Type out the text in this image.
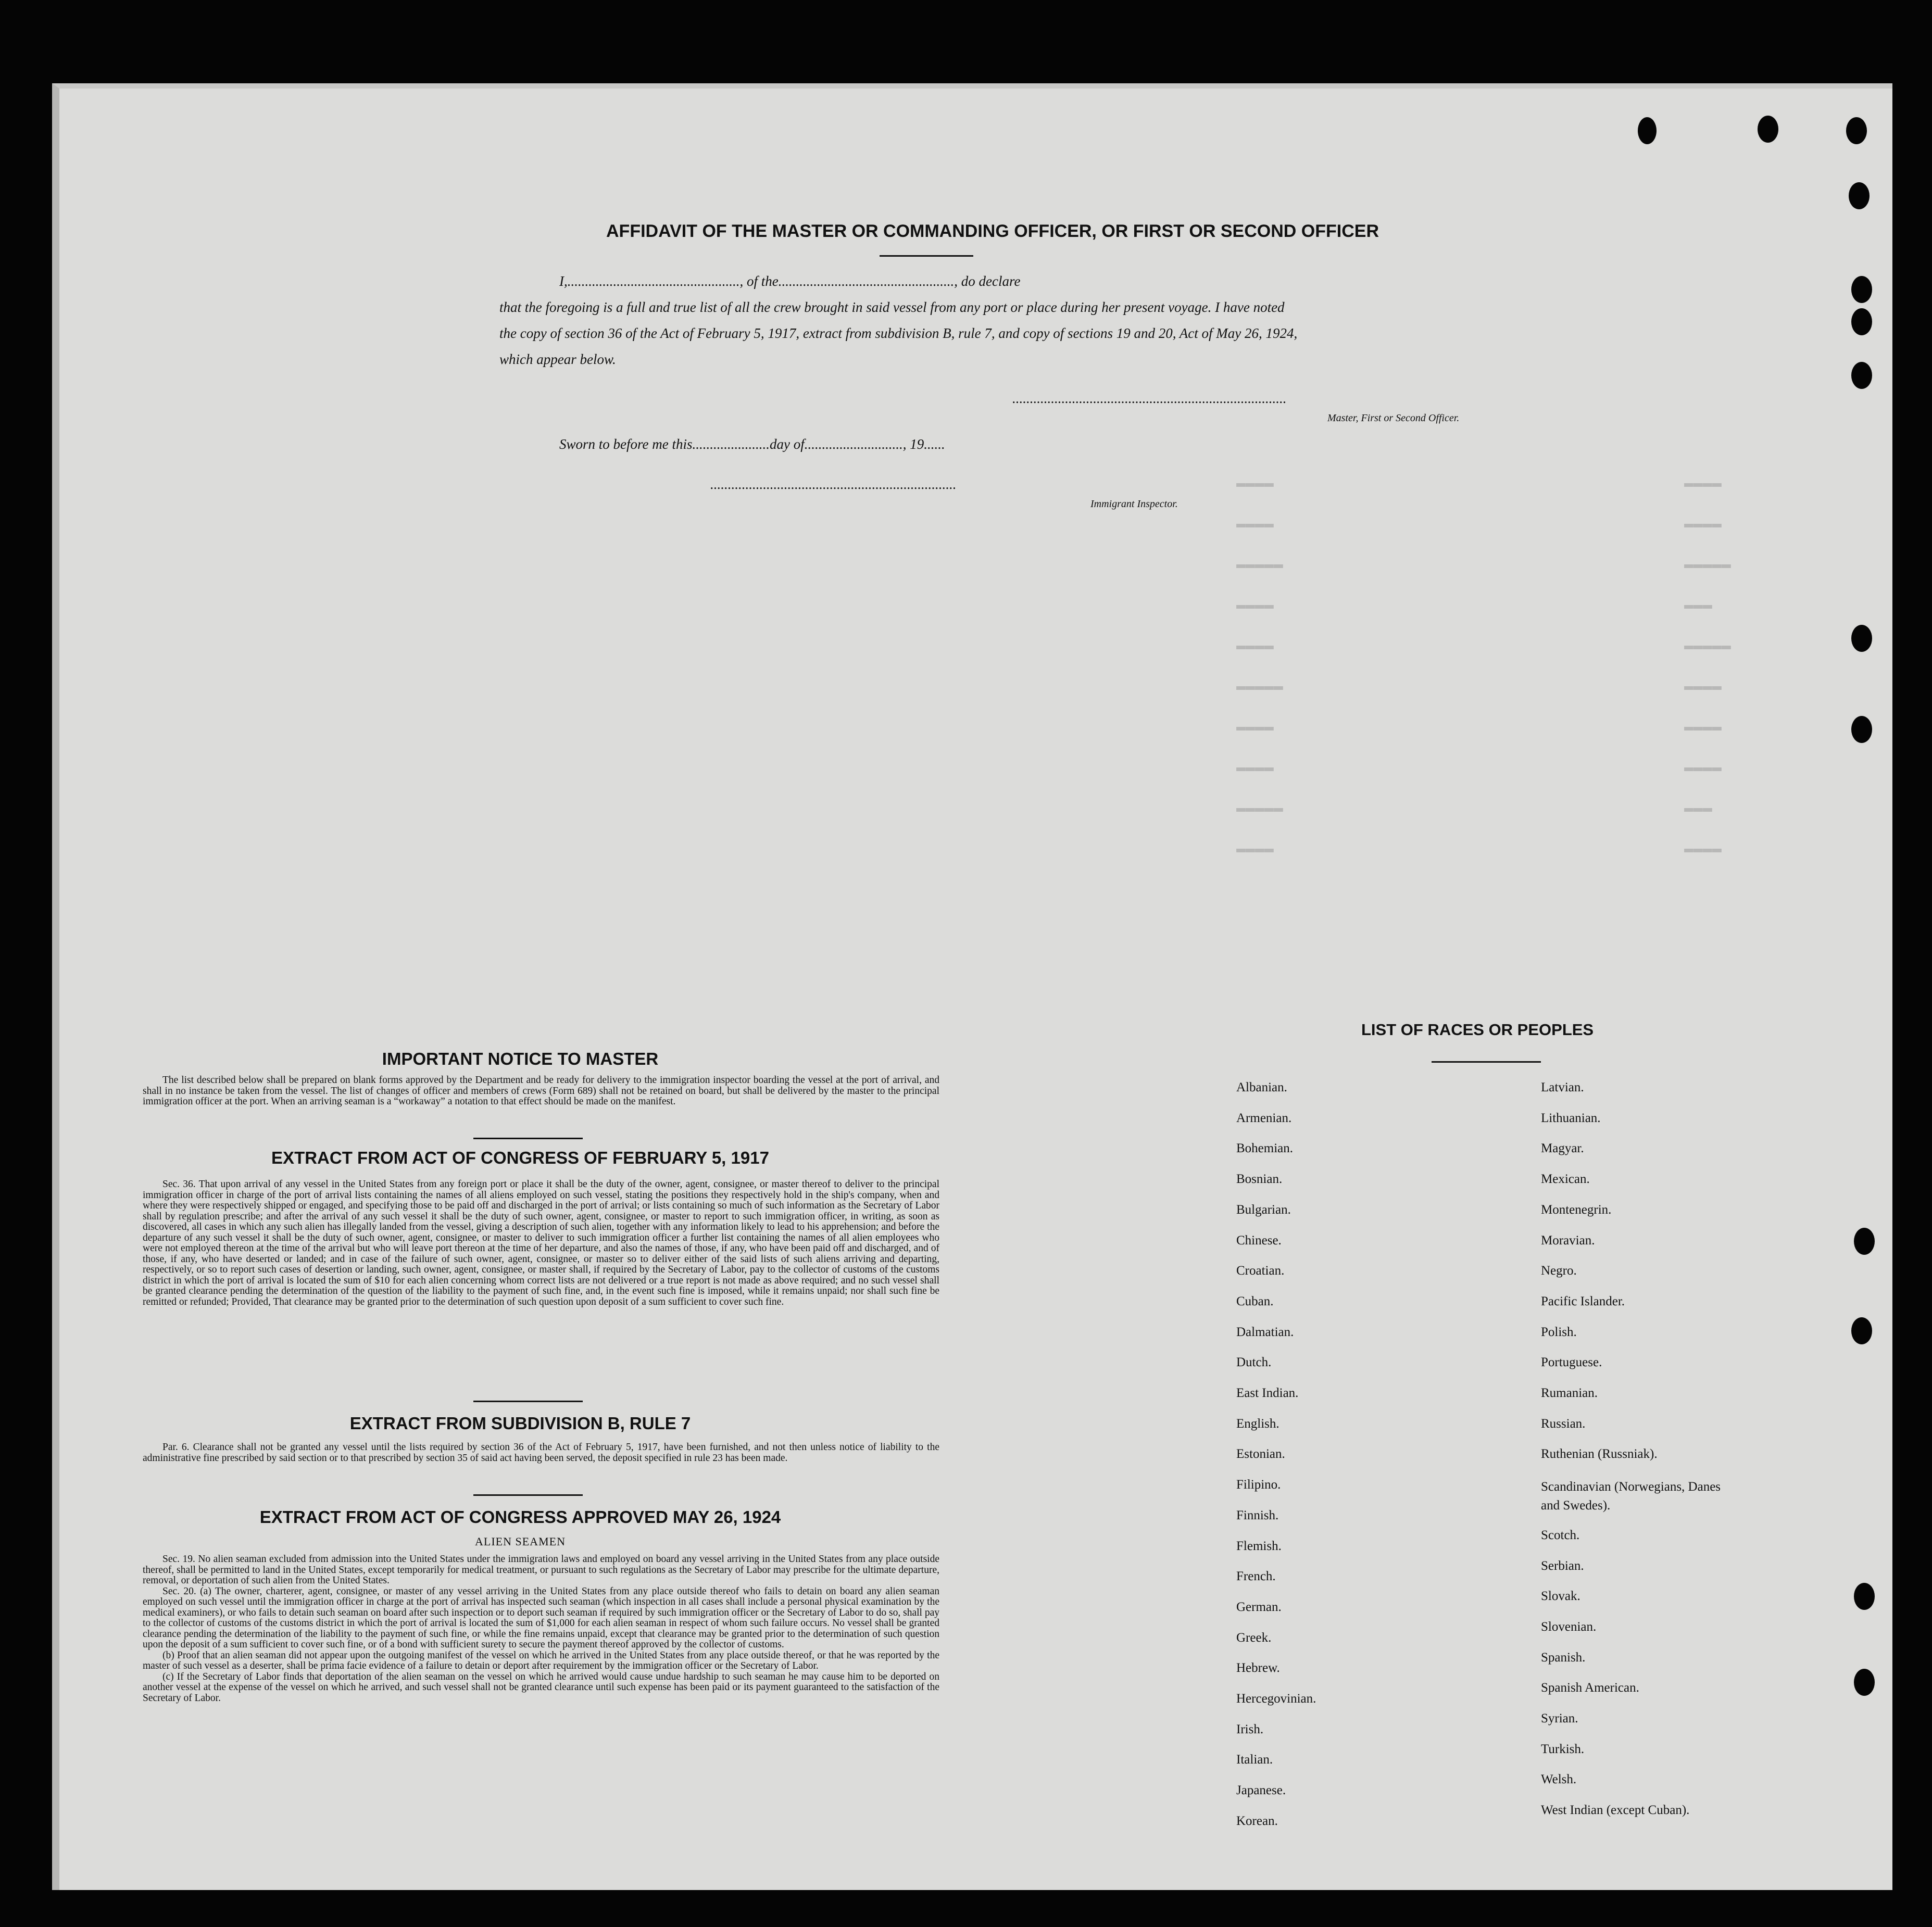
▬▬▬▬
▬▬▬▬
▬▬▬▬▬
▬▬▬▬
▬▬▬▬
▬▬▬▬▬
▬▬▬▬
▬▬▬▬
▬▬▬▬▬
▬▬▬▬
▬▬▬▬
▬▬▬▬
▬▬▬▬▬
▬▬▬
▬▬▬▬▬
▬▬▬▬
▬▬▬▬
▬▬▬▬
▬▬▬
▬▬▬▬
AFFIDAVIT OF THE MASTER OR COMMANDING OFFICER, OR FIRST OR SECOND OFFICER
I,................................................., of the.................................................., do declare
that the foregoing is a full and true list of all the crew brought in said vessel from any port or place during her present voyage. I have noted
the copy of section 36 of the Act of February 5, 1917, extract from subdivision B, rule 7, and copy of sections 19 and 20, Act of May 26, 1924,
which appear below.
..............................................................................
Master, First or Second Officer.
Sworn to before me this......................day of............................, 19......
......................................................................
Immigrant Inspector.
IMPORTANT NOTICE TO MASTER

The list described below shall be prepared on blank forms approved by the Department and be ready for delivery to the immigration inspector boarding the vessel at the port of arrival, and shall in no instance be taken from the vessel. The list of changes of officer and members of crews (Form 689) shall not be retained on board, but shall be delivered by the master to the principal immigration officer at the port. When an arriving seaman is a “workaway” a notation to that effect should be made on the manifest.

EXTRACT FROM ACT OF CONGRESS OF FEBRUARY 5, 1917

Sec. 36. That upon arrival of any vessel in the United States from any foreign port or place it shall be the duty of the owner, agent, consignee, or master thereof to deliver to the principal immigration officer in charge of the port of arrival lists containing the names of all aliens employed on such vessel, stating the positions they respectively hold in the ship's company, when and where they were respectively shipped or engaged, and specifying those to be paid off and discharged in the port of arrival; or lists containing so much of such information as the Secretary of Labor shall by regulation prescribe; and after the arrival of any such vessel it shall be the duty of such owner, agent, consignee, or master to report to such immigration officer, in writing, as soon as discovered, all cases in which any such alien has illegally landed from the vessel, giving a description of such alien, together with any information likely to lead to his apprehension; and before the departure of any such vessel it shall be the duty of such owner, agent, consignee, or master to deliver to such immigration officer a further list containing the names of all alien employees who were not employed thereon at the time of the arrival but who will leave port thereon at the time of her departure, and also the names of those, if any, who have been paid off and discharged, and of those, if any, who have deserted or landed; and in case of the failure of such owner, agent, consignee, or master so to deliver either of the said lists of such aliens arriving and departing, respectively, or so to report such cases of desertion or landing, such owner, agent, consignee, or master shall, if required by the Secretary of Labor, pay to the collector of customs of the customs district in which the port of arrival is located the sum of $10 for each alien concerning whom correct lists are not delivered or a true report is not made as above required; and no such vessel shall be granted clearance pending the determination of the question of the liability to the payment of such fine, and, in the event such fine is imposed, while it remains unpaid; nor shall such fine be remitted or refunded; Provided, That clearance may be granted prior to the determination of such question upon deposit of a sum sufficient to cover such fine.

EXTRACT FROM SUBDIVISION B, RULE 7

Par. 6. Clearance shall not be granted any vessel until the lists required by section 36 of the Act of February 5, 1917, have been furnished, and not then unless notice of liability to the administrative fine prescribed by said section or to that prescribed by section 35 of said act having been served, the deposit specified in rule 23 has been made.

EXTRACT FROM ACT OF CONGRESS APPROVED MAY 26, 1924
ALIEN SEAMEN

Sec. 19. No alien seaman excluded from admission into the United States under the immigration laws and employed on board any vessel arriving in the United States from any place outside thereof, shall be permitted to land in the United States, except temporarily for medical treatment, or pursuant to such regulations as the Secretary of Labor may prescribe for the ultimate departure, removal, or deportation of such alien from the United States.

Sec. 20. (a) The owner, charterer, agent, consignee, or master of any vessel arriving in the United States from any place outside thereof who fails to detain on board any alien seaman employed on such vessel until the immigration officer in charge at the port of arrival has inspected such seaman (which inspection in all cases shall include a personal physical examination by the medical examiners), or who fails to detain such seaman on board after such inspection or to deport such seaman if required by such immigration officer or the Secretary of Labor to do so, shall pay to the collector of customs of the customs district in which the port of arrival is located the sum of $1,000 for each alien seaman in respect of whom such failure occurs. No vessel shall be granted clearance pending the determination of the liability to the payment of such fine, or while the fine remains unpaid, except that clearance may be granted prior to the determination of such question upon the deposit of a sum sufficient to cover such fine, or of a bond with sufficient surety to secure the payment thereof approved by the collector of customs.

(b) Proof that an alien seaman did not appear upon the outgoing manifest of the vessel on which he arrived in the United States from any place outside thereof, or that he was reported by the master of such vessel as a deserter, shall be prima facie evidence of a failure to detain or deport after requirement by the immigration officer or the Secretary of Labor.

(c) If the Secretary of Labor finds that deportation of the alien seaman on the vessel on which he arrived would cause undue hardship to such seaman he may cause him to be deported on another vessel at the expense of the vessel on which he arrived, and such vessel shall not be granted clearance until such expense has been paid or its payment guaranteed to the satisfaction of the Secretary of Labor.

LIST OF RACES OR PEOPLES
Albanian.
Armenian.
Bohemian.
Bosnian.
Bulgarian.
Chinese.
Croatian.
Cuban.
Dalmatian.
Dutch.
East Indian.
English.
Estonian.
Filipino.
Finnish.
Flemish.
French.
German.
Greek.
Hebrew.
Hercegovinian.
Irish.
Italian.
Japanese.
Korean.
Latvian.
Lithuanian.
Magyar.
Mexican.
Montenegrin.
Moravian.
Negro.
Pacific Islander.
Polish.
Portuguese.
Rumanian.
Russian.
Ruthenian (Russniak).
Scandinavian (Norwegians, Danes and Swedes).
Scotch.
Serbian.
Slovak.
Slovenian.
Spanish.
Spanish American.
Syrian.
Turkish.
Welsh.
West Indian (except Cuban).
